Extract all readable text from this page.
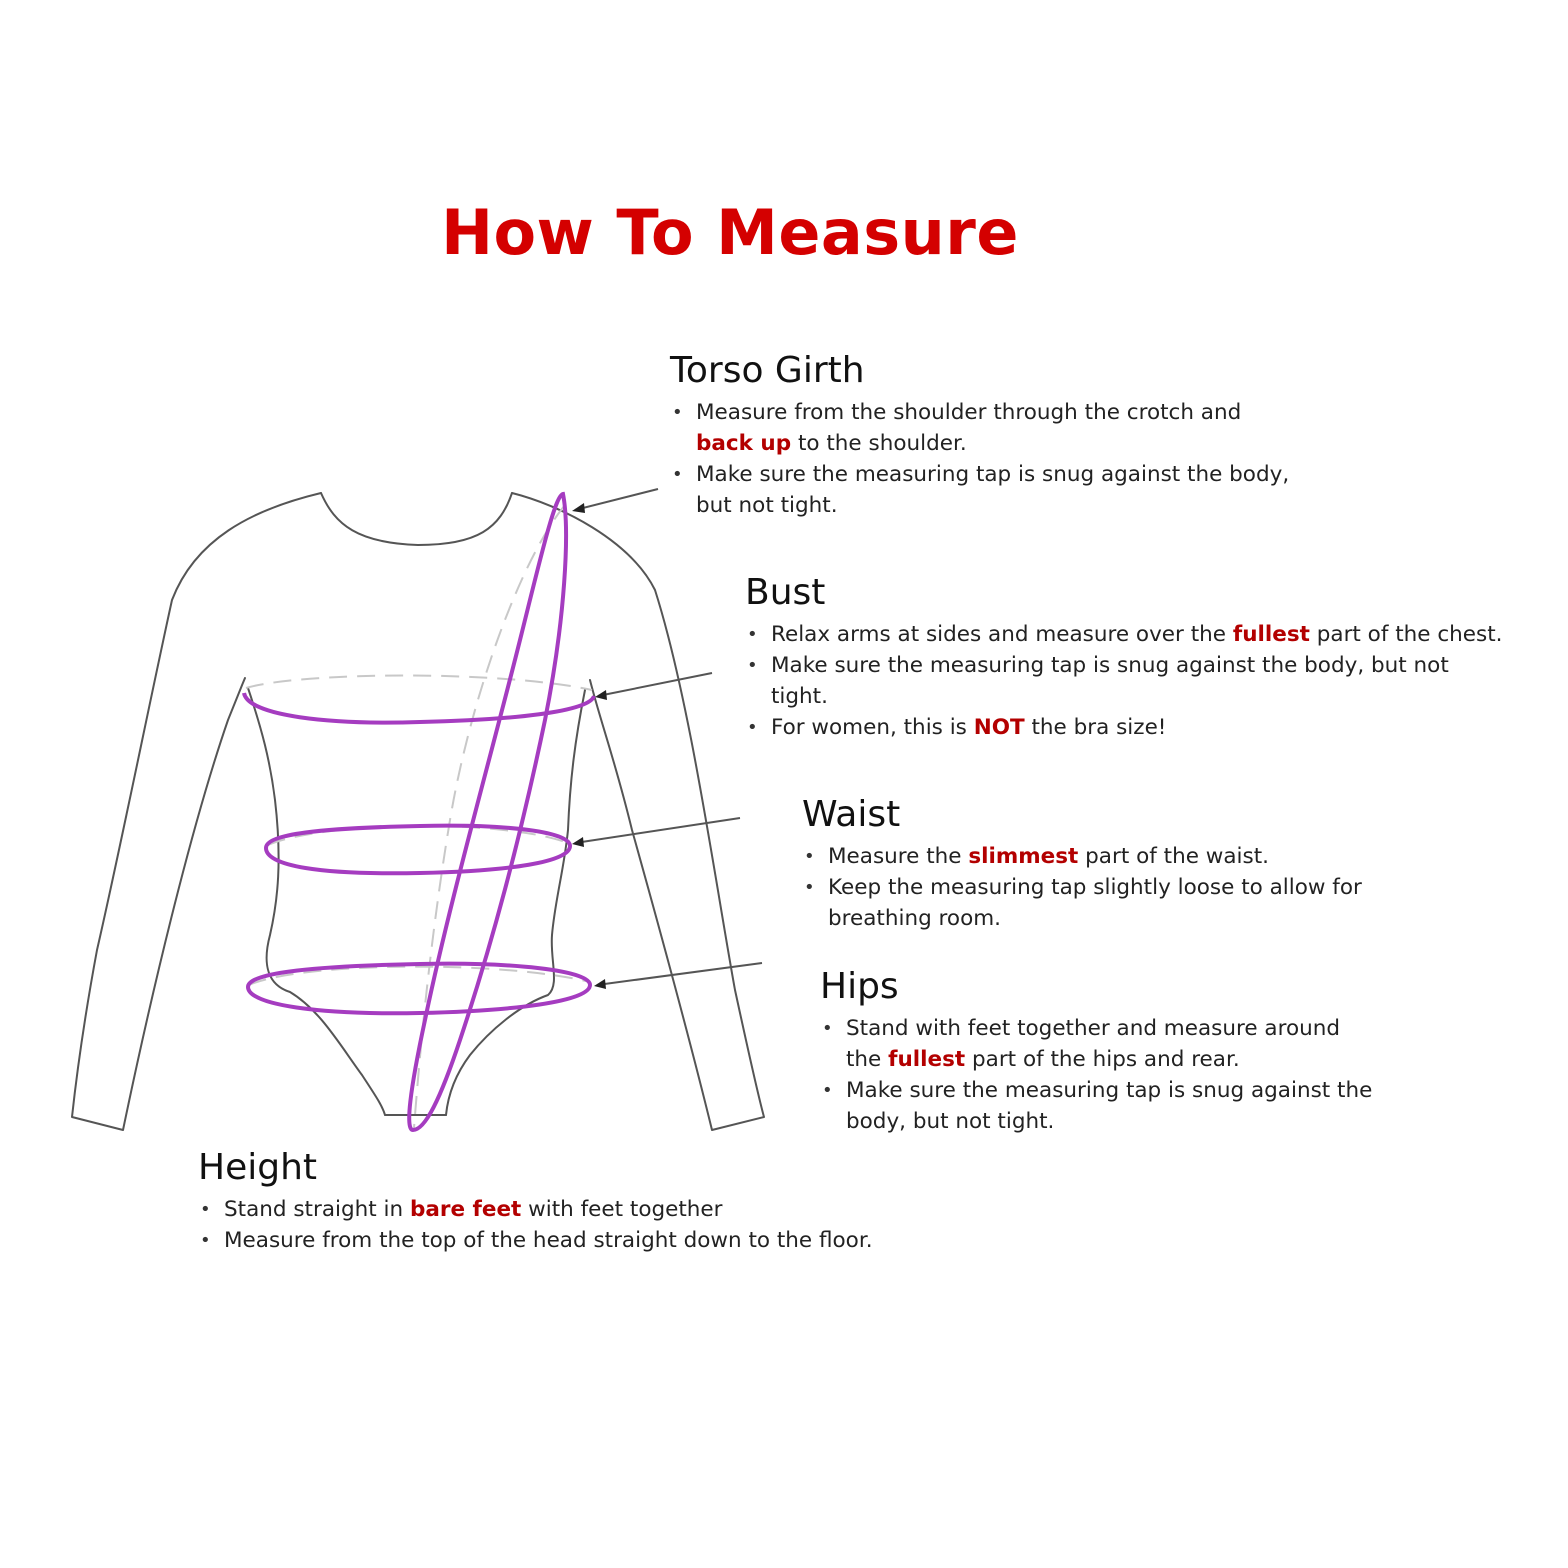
How To Measure
Torso Girth
• Measure from the shoulder through the crotch and back up to the shoulder.
• Make sure the measuring tap is snug against the body, but not tight.
Bust
• Relax arms at sides and measure over the fullest part of the chest.
• Make sure the measuring tap is snug against the body, but not tight.
• For women, this is NOT the bra size!
Waist
• Measure the slimmest part of the waist.
• Keep the measuring tap slightly loose to allow for breathing room.
Hips
• Stand with feet together and measure around the fullest part of the hips and rear.
• Make sure the measuring tap is snug against the body, but not tight.
Height
• Stand straight in bare feet with feet together
• Measure from the top of the head straight down to the floor.
